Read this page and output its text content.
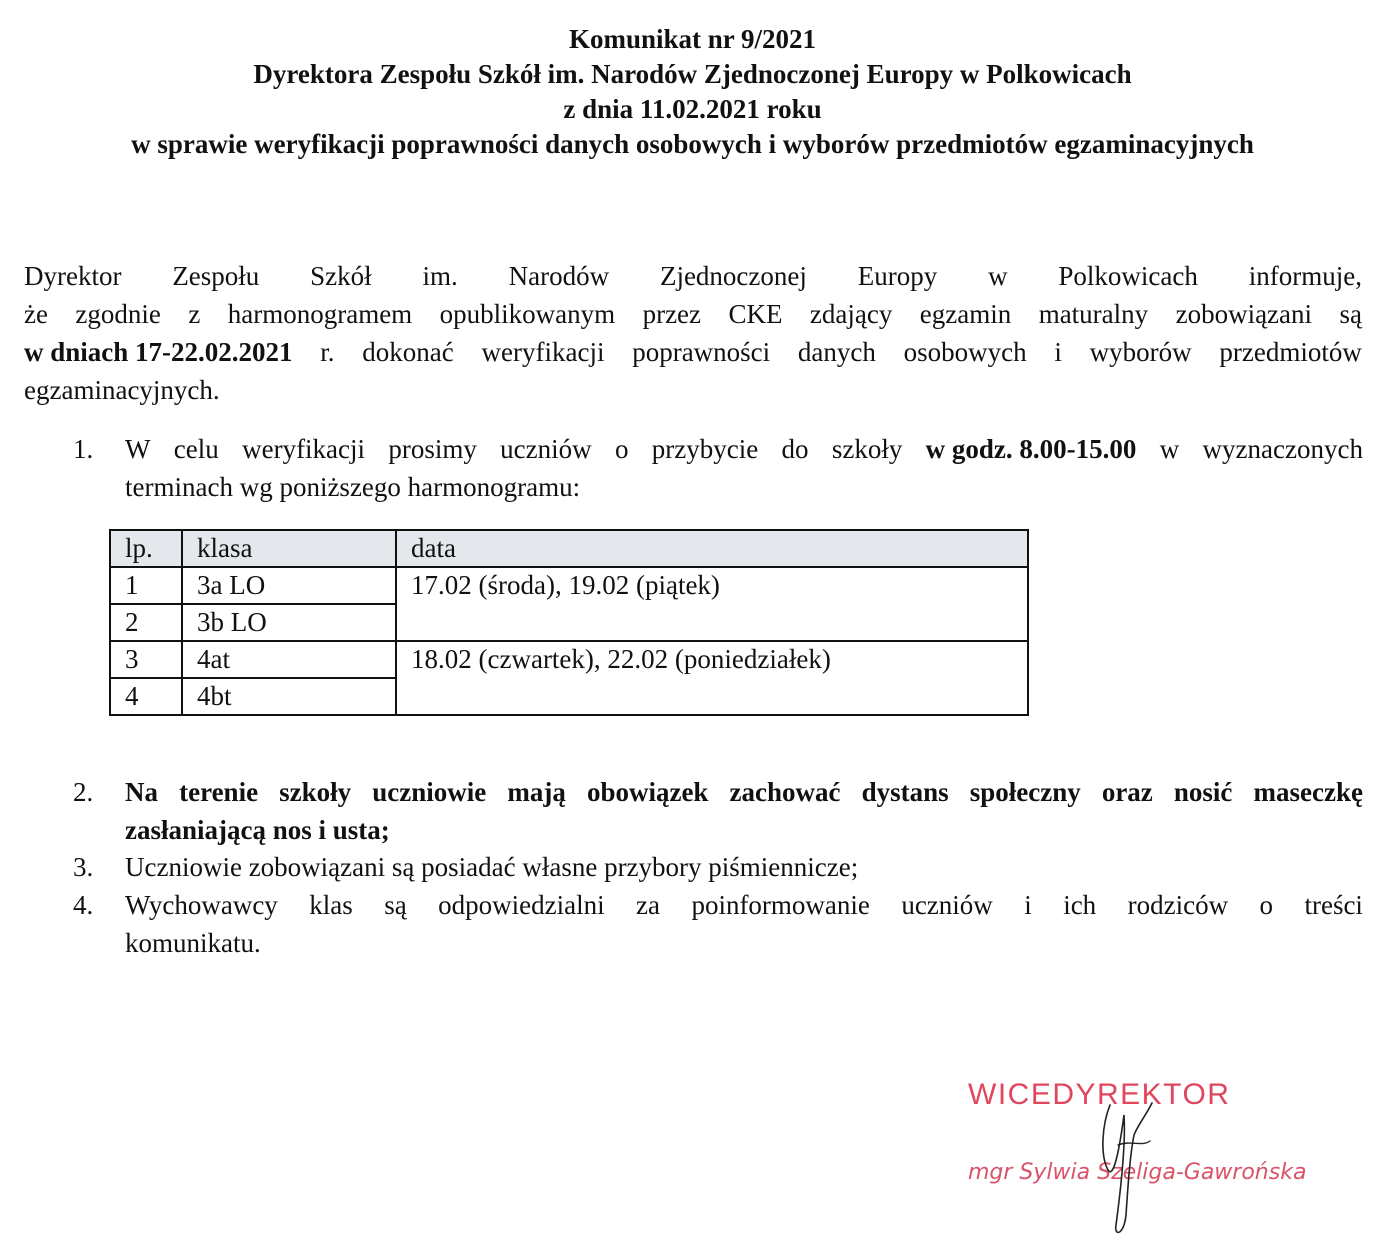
Komunikat nr 9/2021
Dyrektora Zespołu Szkół im. Narodów Zjednoczonej Europy w Polkowicach
z dnia 11.02.2021 roku
w sprawie weryfikacji poprawności danych osobowych i wyborów przedmiotów egzaminacyjnych
Dyrektor Zespołu Szkół im. Narodów Zjednoczonej Europy w Polkowicach informuje,
że zgodnie z harmonogramem opublikowanym przez CKE zdający egzamin maturalny zobowiązani są
w dniach 17-22.02.2021 r. dokonać weryfikacji poprawności danych osobowych i wyborów przedmiotów
egzaminacyjnych.
1.	W celu weryfikacji prosimy uczniów o przybycie do szkoły w godz. 8.00-15.00 w wyznaczonych
terminach wg poniższego harmonogramu:
lp.	klasa	data
1	3a LO	17.02 (środa), 19.02 (piątek)
2	3b LO	
3	4at	18.02 (czwartek), 22.02 (poniedziałek)
4	4bt	
2.	Na terenie szkoły uczniowie mają obowiązek zachować dystans społeczny oraz nosić maseczkę
zasłaniającą nos i usta;
3.	Uczniowie zobowiązani są posiadać własne przybory piśmiennicze;
4.	Wychowawcy klas są odpowiedzialni za poinformowanie uczniów i ich rodziców o treści
komunikatu.
WICEDYREKTOR
mgr Sylwia Szeliga-Gawrońska
